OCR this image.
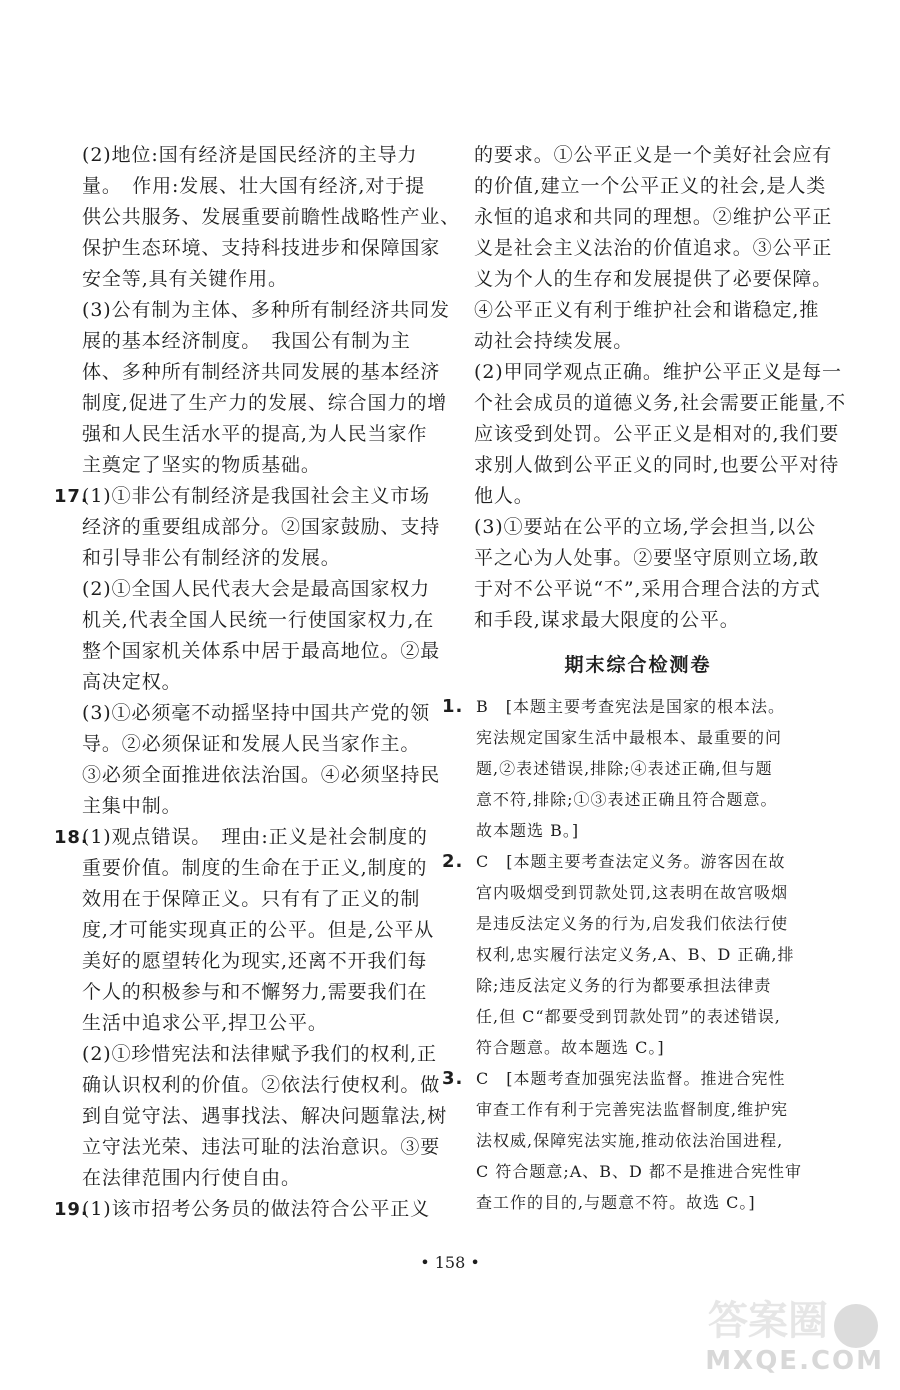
(2)地位:国有经济是国民经济的主导力
量。　作用:发展、壮大国有经济,对于提
供公共服务、发展重要前瞻性战略性产业、
保护生态环境、支持科技进步和保障国家
安全等,具有关键作用。
(3)公有制为主体、多种所有制经济共同发
展的基本经济制度。　我国公有制为主
体、多种所有制经济共同发展的基本经济
制度,促进了生产力的发展、综合国力的增
强和人民生活水平的提高,为人民当家作
主奠定了坚实的物质基础。
17.
(1)①非公有制经济是我国社会主义市场
经济的重要组成部分。②国家鼓励、支持
和引导非公有制经济的发展。
(2)①全国人民代表大会是最高国家权力
机关,代表全国人民统一行使国家权力,在
整个国家机关体系中居于最高地位。②最
高决定权。
(3)①必须毫不动摇坚持中国共产党的领
导。②必须保证和发展人民当家作主。
③必须全面推进依法治国。④必须坚持民
主集中制。
18.
(1)观点错误。　理由:正义是社会制度的
重要价值。制度的生命在于正义,制度的
效用在于保障正义。只有有了正义的制
度,才可能实现真正的公平。但是,公平从
美好的愿望转化为现实,还离不开我们每
个人的积极参与和不懈努力,需要我们在
生活中追求公平,捍卫公平。
(2)①珍惜宪法和法律赋予我们的权利,正
确认识权利的价值。②依法行使权利。做
到自觉守法、遇事找法、解决问题靠法,树
立守法光荣、违法可耻的法治意识。③要
在法律范围内行使自由。
19.
(1)该市招考公务员的做法符合公平正义
的要求。①公平正义是一个美好社会应有
的价值,建立一个公平正义的社会,是人类
永恒的追求和共同的理想。②维护公平正
义是社会主义法治的价值追求。③公平正
义为个人的生存和发展提供了必要保障。
④公平正义有利于维护社会和谐稳定,推
动社会持续发展。
(2)甲同学观点正确。维护公平正义是每一
个社会成员的道德义务,社会需要正能量,不
应该受到处罚。公平正义是相对的,我们要
求别人做到公平正义的同时,也要公平对待
他人。
(3)①要站在公平的立场,学会担当,以公
平之心为人处事。②要坚守原则立场,敢
于对不公平说“不”,采用合理合法的方式
和手段,谋求最大限度的公平。
期末综合检测卷
1. B　[本题主要考查宪法是国家的根本法。
宪法规定国家生活中最根本、最重要的问
题,②表述错误,排除;④表述正确,但与题
意不符,排除;①③表述正确且符合题意。
故本题选 B。]
2. C　[本题主要考查法定义务。游客因在故
宫内吸烟受到罚款处罚,这表明在故宫吸烟
是违反法定义务的行为,启发我们依法行使
权利,忠实履行法定义务,A、B、D 正确,排
除;违反法定义务的行为都要承担法律责
任,但 C“都要受到罚款处罚”的表述错误,
符合题意。故本题选 C。]
3. C　[本题考查加强宪法监督。推进合宪性
审查工作有利于完善宪法监督制度,维护宪
法权威,保障宪法实施,推动依法治国进程,
C 符合题意;A、B、D 都不是推进合宪性审
查工作的目的,与题意不符。故选 C。]
• 158 •
答案圈
MXQE.COM
